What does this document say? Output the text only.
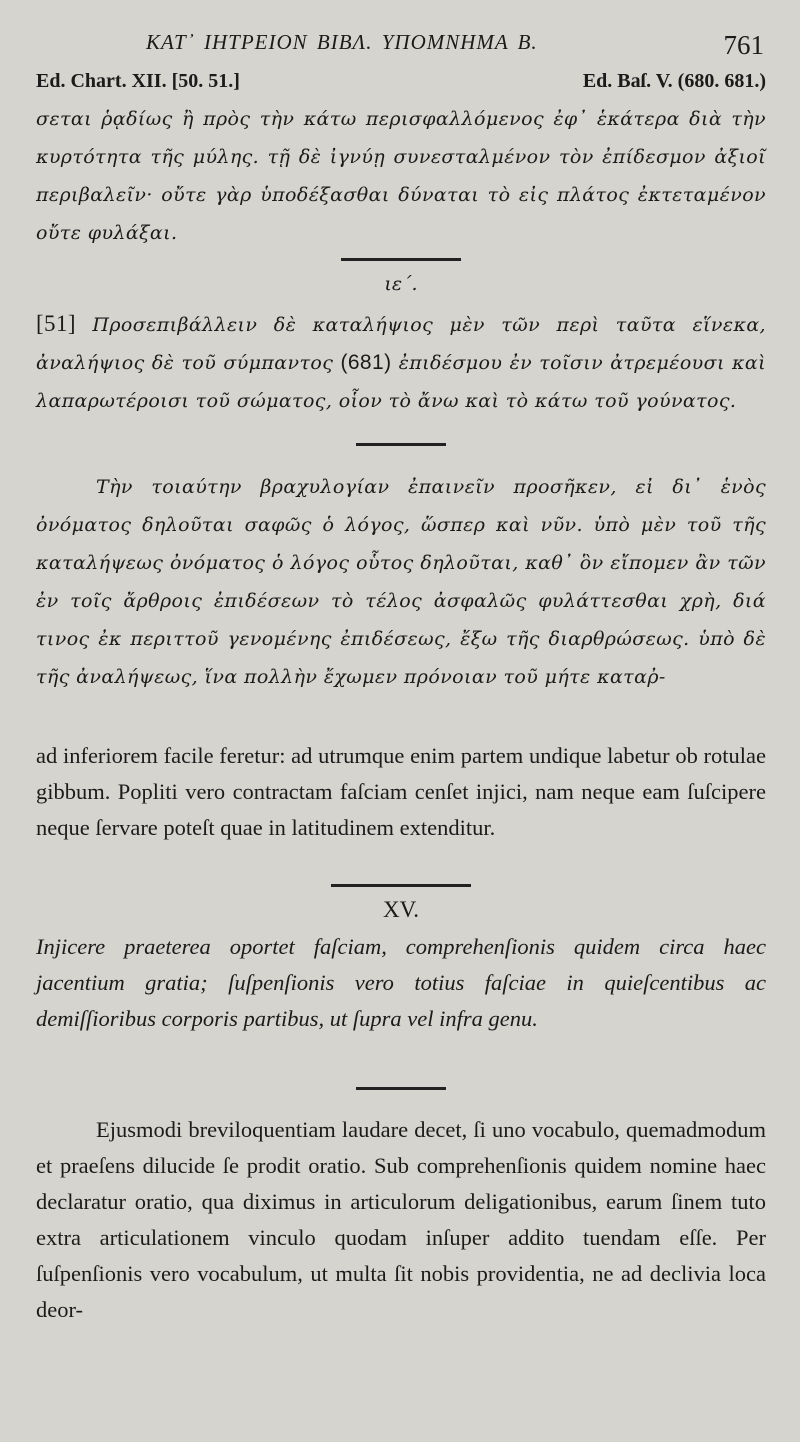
ΚΑΤ᾽ ΙΗΤΡΕΙΟΝ ΒΙΒΛ. ΥΠΟΜΝΗΜΑ Β.	761
Ed. Chart. XII. [50. 51.]	Ed. Baſ. V. (680. 681.)
σεται ῥᾳδίως ἢ πρὸς τὴν κάτω περισφαλλόμενος ἐφ᾽ ἑκάτερα διὰ τὴν κυρτότητα τῆς μύλης. τῇ δὲ ἰγνύῃ συνεσταλμένον τὸν ἐπίδεσμον ἀξιοῖ περιβαλεῖν· οὔτε γὰρ ὑποδέξασθαι δύναται τὸ εἰς πλάτος ἐκτεταμένον οὔτε φυλάξαι.
ιε΄.
[51] Προσεπιβάλλειν δὲ καταλήψιος μὲν τῶν περὶ ταῦτα εἵνεκα, ἀναλήψιος δὲ τοῦ σύμπαντος (681) ἐπιδέσμου ἐν τοῖσιν ἀτρεμέουσι καὶ λαπαρωτέροισι τοῦ σώματος, οἷον τὸ ἄνω καὶ τὸ κάτω τοῦ γούνατος.
Τὴν τοιαύτην βραχυλογίαν ἐπαινεῖν προσῆκεν, εἰ δι᾽ ἑνὸς ὀνόματος δηλοῦται σαφῶς ὁ λόγος, ὥσπερ καὶ νῦν. ὑπὸ μὲν τοῦ τῆς καταλήψεως ὀνόματος ὁ λόγος οὗτος δηλοῦται, καθ᾽ ὃν εἴπομεν ἂν τῶν ἐν τοῖς ἄρθροις ἐπιδέσεων τὸ τέλος ἀσφαλῶς φυλάττεσθαι χρὴ, διά τινος ἐκ περιττοῦ γενομένης ἐπιδέσεως, ἔξω τῆς διαρθρώσεως. ὑπὸ δὲ τῆς ἀναλήψεως, ἵνα πολλὴν ἔχωμεν πρόνοιαν τοῦ μήτε καταῤ-
ad inferiorem facile feretur: ad utrumque enim partem undique labetur ob rotulae gibbum. Popliti vero contractam faſciam cenſet injici, nam neque eam ſuſcipere neque ſervare poteſt quae in latitudinem extenditur.
XV.
Injicere praeterea oportet faſciam, comprehenſionis quidem circa haec jacentium gratia; ſuſpenſionis vero totius faſciae in quieſcentibus ac demiſſioribus corporis partibus, ut ſupra vel infra genu.
Ejusmodi breviloquentiam laudare decet, ſi uno vocabulo, quemadmodum et praeſens dilucide ſe prodit oratio. Sub comprehenſionis quidem nomine haec declaratur oratio, qua diximus in articulorum deligationibus, earum ſinem tuto extra articulationem vinculo quodam inſuper addito tuendam eſſe. Per ſuſpenſionis vero vocabulum, ut multa ſit nobis providentia, ne ad declivia loca deor-
